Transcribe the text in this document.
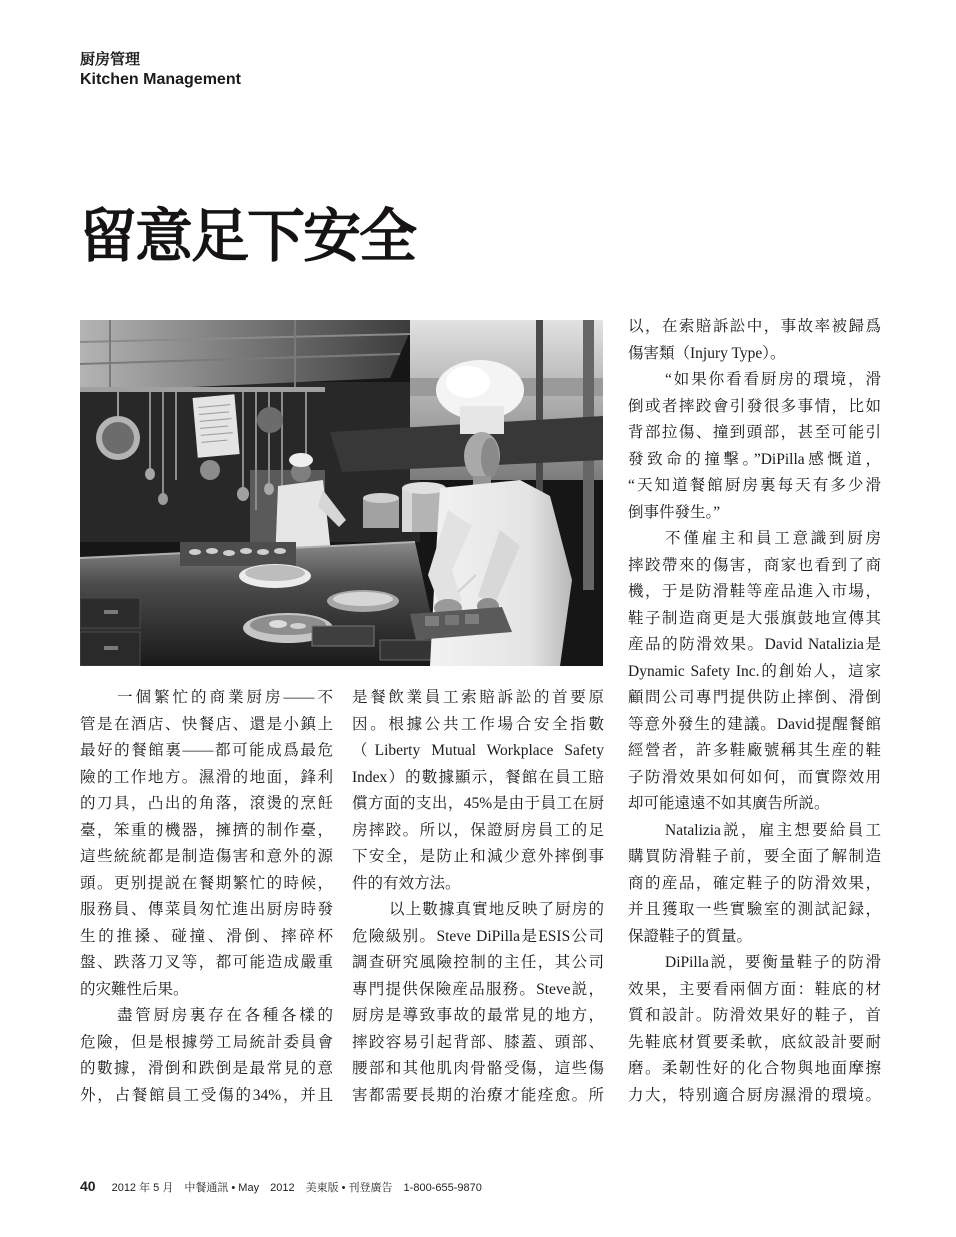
厨房管理
Kitchen Management
留意足下安全
一個繁忙的商業厨房——不
管是在酒店、快餐店、還是小鎮上
最好的餐館裏——都可能成爲最危
險的工作地方。濕滑的地面，鋒利
的刀具，凸出的角落，滾燙的烹飪
臺，笨重的機器，擁擠的制作臺，
這些統統都是制造傷害和意外的源
頭。更别提説在餐期繁忙的時候，
服務員、傳菜員匆忙進出厨房時發
生的推搡、碰撞、滑倒、摔碎杯
盤、跌落刀叉等，都可能造成嚴重
的灾難性后果。
盡管厨房裏存在各種各樣的
危險，但是根據勞工局統計委員會
的數據，滑倒和跌倒是最常見的意
外，占餐館員工受傷的34%，并且
是餐飲業員工索賠訴訟的首要原
因。根據公共工作場合安全指數
（Liberty Mutual Workplace Safety
Index）的數據顯示，餐館在員工賠
償方面的支出，45%是由于員工在厨
房摔跤。所以，保證厨房員工的足
下安全，是防止和減少意外摔倒事
件的有效方法。
以上數據真實地反映了厨房的
危險級别。Steve DiPilla是ESIS公司
調查研究風險控制的主任，其公司
專門提供保險産品服務。Steve説，
厨房是導致事故的最常見的地方，
摔跤容易引起背部、膝蓋、頭部、
腰部和其他肌肉骨骼受傷，這些傷
害都需要長期的治療才能痊愈。所
以，在索賠訴訟中，事故率被歸爲
傷害類（Injury Type）。
“如果你看看厨房的環境，滑
倒或者摔跤會引發很多事情，比如
背部拉傷、撞到頭部，甚至可能引
發致命的撞擊。”DiPilla感慨道，
“天知道餐館厨房裏每天有多少滑
倒事件發生。”
不僅雇主和員工意識到厨房
摔跤帶來的傷害，商家也看到了商
機，于是防滑鞋等産品進入市場，
鞋子制造商更是大張旗鼓地宣傳其
産品的防滑效果。David Natalizia是
Dynamic Safety Inc.的創始人，這家
顧問公司專門提供防止摔倒、滑倒
等意外發生的建議。David提醒餐館
經營者，許多鞋廠號稱其生産的鞋
子防滑效果如何如何，而實際效用
却可能遠遠不如其廣告所説。
Natalizia説，雇主想要給員工
購買防滑鞋子前，要全面了解制造
商的産品，確定鞋子的防滑效果，
并且獲取一些實驗室的測試記録，
保證鞋子的質量。
DiPilla説，要衡量鞋子的防滑
效果，主要看兩個方面：鞋底的材
質和設計。防滑效果好的鞋子，首
先鞋底材質要柔軟，底紋設計要耐
磨。柔韌性好的化合物與地面摩擦
力大，特别適合厨房濕滑的環境。
40 2012 年 5 月 中餐通訊 • May 2012 美東版 • 刊登廣告 1-800-655-9870
